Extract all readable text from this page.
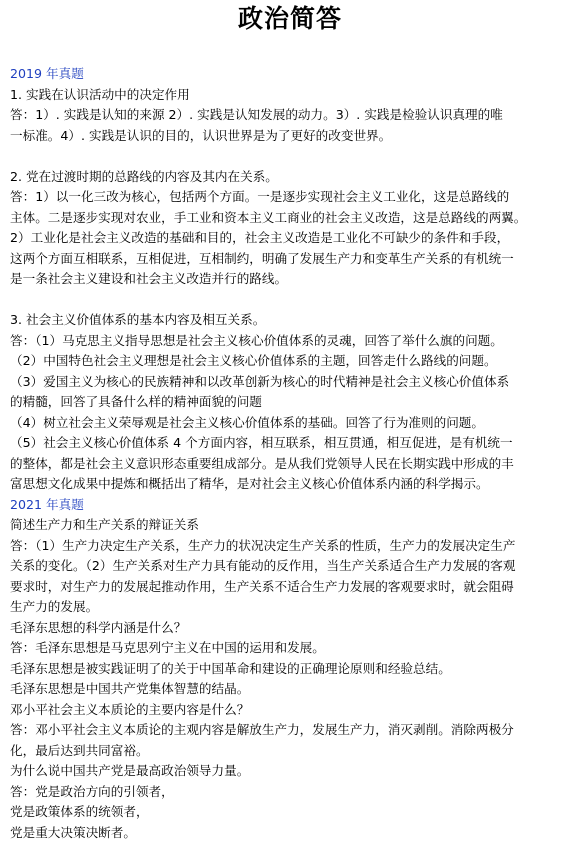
政治简答
2019 年真题
1. 实践在认识活动中的决定作用
答：1）. 实践是认知的来源 2）. 实践是认知发展的动力。3）. 实践是检验认识真理的唯
一标准。4）. 实践是认识的目的，认识世界是为了更好的改变世界。
2. 党在过渡时期的总路线的内容及其内在关系。
答：1）以一化三改为核心，包括两个方面。一是逐步实现社会主义工业化，这是总路线的
主体。二是逐步实现对农业，手工业和资本主义工商业的社会主义改造，这是总路线的两翼。
2）工业化是社会主义改造的基础和目的，社会主义改造是工业化不可缺少的条件和手段，
这两个方面互相联系，互相促进，互相制约，明确了发展生产力和变革生产关系的有机统一
是一条社会主义建设和社会主义改造并行的路线。
3. 社会主义价值体系的基本内容及相互关系。
答：（1）马克思主义指导思想是社会主义核心价值体系的灵魂，回答了举什么旗的问题。
（2）中国特色社会主义理想是社会主义核心价值体系的主题，回答走什么路线的问题。
（3）爱国主义为核心的民族精神和以改革创新为核心的时代精神是社会主义核心价值体系
的精髓，回答了具备什么样的精神面貌的问题
（4）树立社会主义荣辱观是社会主义核心价值体系的基础。回答了行为准则的问题。
（5）社会主义核心价值体系 4 个方面内容，相互联系，相互贯通，相互促进，是有机统一
的整体，都是社会主义意识形态重要组成部分。是从我们党领导人民在长期实践中形成的丰
富思想文化成果中提炼和概括出了精华，是对社会主义核心价值体系内涵的科学揭示。
2021 年真题
简述生产力和生产关系的辩证关系
答：（1）生产力决定生产关系，生产力的状况决定生产关系的性质，生产力的发展决定生产
关系的变化。（2）生产关系对生产力具有能动的反作用，当生产关系适合生产力发展的客观
要求时，对生产力的发展起推动作用，生产关系不适合生产力发展的客观要求时，就会阻碍
生产力的发展。
毛泽东思想的科学内涵是什么？
答：毛泽东思想是马克思列宁主义在中国的运用和发展。
毛泽东思想是被实践证明了的关于中国革命和建设的正确理论原则和经验总结。
毛泽东思想是中国共产党集体智慧的结晶。
邓小平社会主义本质论的主要内容是什么？
答：邓小平社会主义本质论的主观内容是解放生产力，发展生产力，消灭剥削。消除两极分
化，最后达到共同富裕。
为什么说中国共产党是最高政治领导力量。
答：党是政治方向的引领者，
党是政策体系的统领者，
党是重大决策决断者。
